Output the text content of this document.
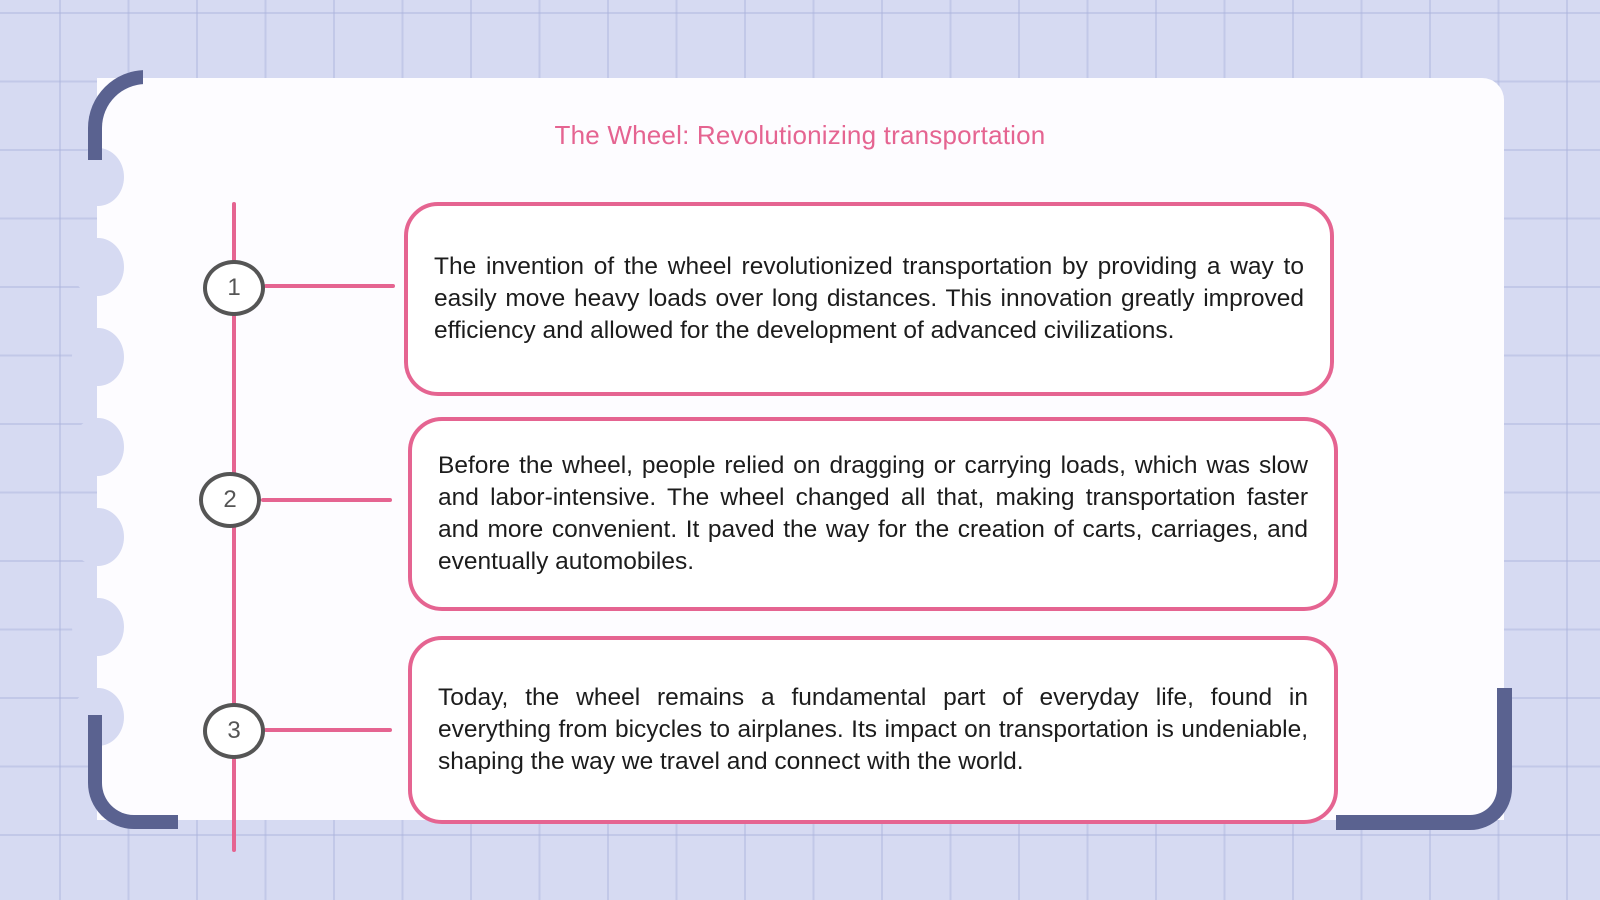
The Wheel: Revolutionizing transportation
1
2
3

The invention of the wheel revolutionized transportation by providing a way to easily move heavy loads over long distances. This innovation greatly improved efficiency and allowed for the development of advanced civilizations.

Before the wheel, people relied on dragging or carrying loads, which was slow and labor-intensive. The wheel changed all that, making transportation faster and more convenient. It paved the way for the creation of carts, carriages, and eventually automobiles.

Today, the wheel remains a fundamental part of everyday life, found in everything from bicycles to airplanes. Its impact on transportation is undeniable, shaping the way we travel and connect with the world.
